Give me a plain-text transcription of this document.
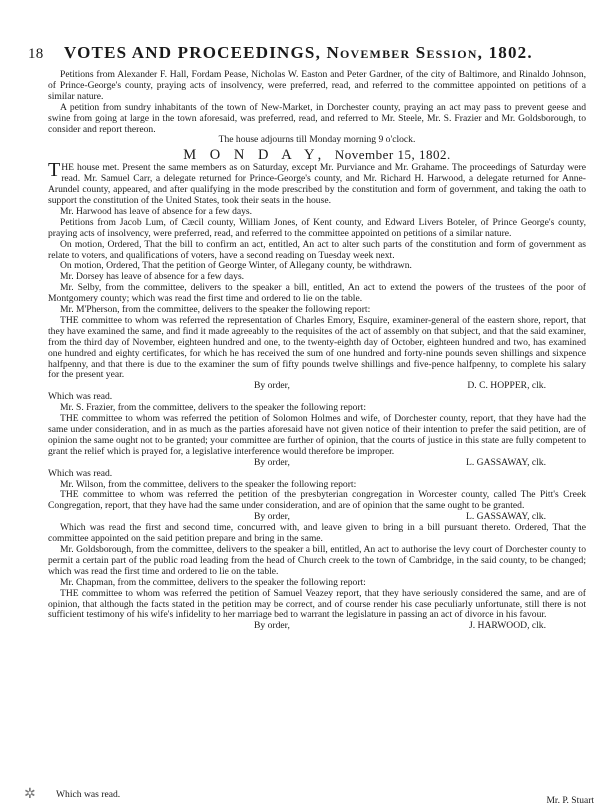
18	VOTES AND PROCEEDINGS, November Session, 1802.

Petitions from Alexander F. Hall, Fordam Pease, Nicholas W. Easton and Peter Gardner, of the city of Baltimore, and Rinaldo Johnson, of Prince-George's county, praying acts of insolvency, were preferred, read, and referred to the committee appointed on petitions of a similar nature.

A petition from sundry inhabitants of the town of New-Market, in Dorchester county, praying an act may pass to prevent geese and swine from going at large in the town aforesaid, was preferred, read, and referred to Mr. Steele, Mr. S. Frazier and Mr. Goldsborough, to consider and report thereon.

The house adjourns till Monday morning 9 o'clock.

M O N D A Y, November 15, 1802.

THE house met. Present the same members as on Saturday, except Mr. Purviance and Mr. Grahame. The proceedings of Saturday were read. Mr. Samuel Carr, a delegate returned for Prince-George's county, and Mr. Richard H. Harwood, a delegate returned for Anne-Arundel county, appeared, and after qualifying in the mode prescribed by the constitution and form of government, and taking the oath to support the constitution of the United States, took their seats in the house.

Mr. Harwood has leave of absence for a few days.

Petitions from Jacob Lum, of Cæcil county, William Jones, of Kent county, and Edward Livers Boteler, of Prince George's county, praying acts of insolvency, were preferred, read, and referred to the committee appointed on petitions of a similar nature.

On motion, Ordered, That the bill to confirm an act, entitled, An act to alter such parts of the constitution and form of government as relate to voters, and qualifications of voters, have a second reading on Tuesday week next.

On motion, Ordered, That the petition of George Winter, of Allegany county, be withdrawn.

Mr. Dorsey has leave of absence for a few days.

Mr. Selby, from the committee, delivers to the speaker a bill, entitled, An act to extend the powers of the trustees of the poor of Montgomery county; which was read the first time and ordered to lie on the table.

Mr. M'Pherson, from the committee, delivers to the speaker the following report:

THE committee to whom was referred the representation of Charles Emory, Esquire, examiner-general of the eastern shore, report, that they have examined the same, and find it made agreeably to the requisites of the act of assembly on that subject, and that the said examiner, from the third day of November, eighteen hundred and one, to the twenty-eighth day of October, eighteen hundred and two, has examined one hundred and eighty certificates, for which he has received the sum of one hundred and forty-nine pounds seven shillings and sixpence halfpenny, and that there is due to the examiner the sum of fifty pounds twelve shillings and five-pence halfpenny, to complete his salary for the present year.

By order,	D. C. HOPPER, clk.

Which was read.

Mr. S. Frazier, from the committee, delivers to the speaker the following report:

THE committee to whom was referred the petition of Solomon Holmes and wife, of Dorchester county, report, that they have had the same under consideration, and in as much as the parties aforesaid have not given notice of their intention to prefer the said petition, are of opinion the same ought not to be granted; your committee are further of opinion, that the courts of justice in this state are fully competent to grant the relief which is prayed for, a legislative interference would therefore be improper.

By order,	L. GASSAWAY, clk.

Which was read.

Mr. Wilson, from the committee, delivers to the speaker the following report:

THE committee to whom was referred the petition of the presbyterian congregation in Worcester county, called The Pitt's Creek Congregation, report, that they have had the same under consideration, and are of opinion that the same ought to be granted.

By order,	L. GASSAWAY, clk.

Which was read the first and second time, concurred with, and leave given to bring in a bill pursuant thereto. Ordered, That the committee appointed on the said petition prepare and bring in the same.

Mr. Goldsborough, from the committee, delivers to the speaker a bill, entitled, An act to authorise the levy court of Dorchester county to permit a certain part of the public road leading from the head of Church creek to the town of Cambridge, in the said county, to be changed; which was read the first time and ordered to lie on the table.

Mr. Chapman, from the committee, delivers to the speaker the following report:

THE committee to whom was referred the petition of Samuel Veazey report, that they have seriously considered the same, and are of opinion, that although the facts stated in the petition may be correct, and of course render his case peculiarly unfortunate, still there is not sufficient testimony of his wife's infidelity to her marriage bed to warrant the legislature in passing an act of divorce in his favour.

By order,	J. HARWOOD, clk.
✲ Which was read.
Mr. P. Stuart
